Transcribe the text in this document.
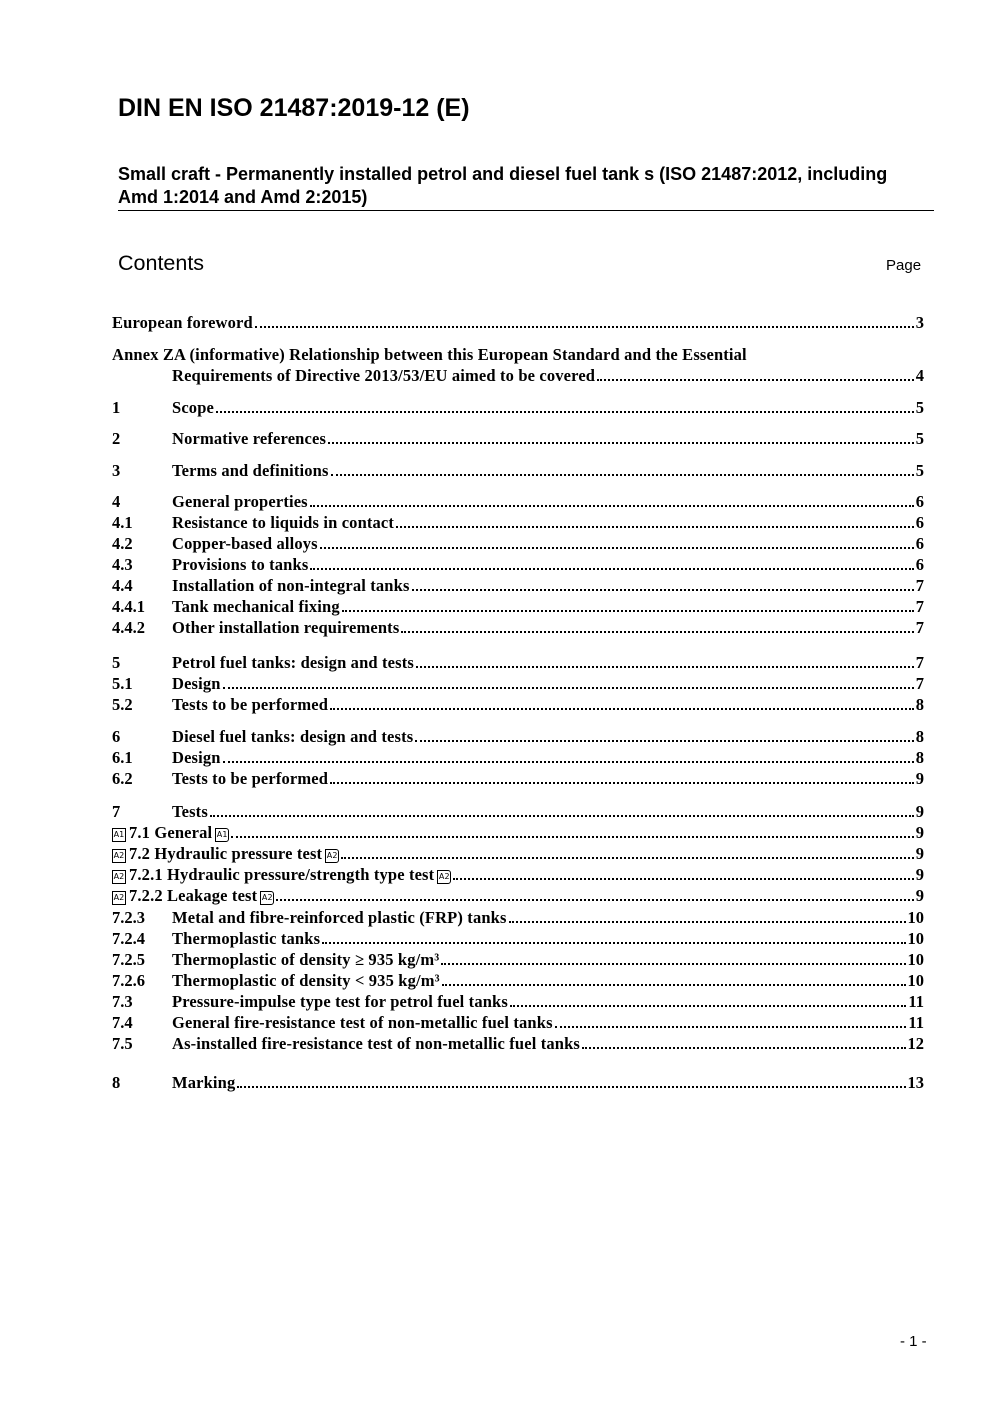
DIN EN ISO 21487:2019-12 (E)
Small craft - Permanently installed petrol and diesel fuel tank s (ISO 21487:2012, including Amd 1:2014 and Amd 2:2015)
Contents	Page
European foreword	3
Annex ZA (informative) Relationship between this European Standard and the Essential
Requirements of Directive 2013/53/EU aimed to be covered	4
1	Scope	5
2	Normative references	5
3	Terms and definitions	5
4	General properties	6
4.1	Resistance to liquids in contact	6
4.2	Copper-based alloys	6
4.3	Provisions to tanks	6
4.4	Installation of non-integral tanks	7
4.4.1	Tank mechanical fixing	7
4.4.2	Other installation requirements	7
5	Petrol fuel tanks: design and tests	7
5.1	Design	7
5.2	Tests to be performed	8
6	Diesel fuel tanks: design and tests	8
6.1	Design	8
6.2	Tests to be performed	9
7	Tests	9
A1 7.1 General A1	9
A2 7.2 Hydraulic pressure test A2	9
A2 7.2.1 Hydraulic pressure/strength type test A2	9
A2 7.2.2 Leakage test A2	9
7.2.3	Metal and fibre-reinforced plastic (FRP) tanks	10
7.2.4	Thermoplastic tanks	10
7.2.5	Thermoplastic of density ≥ 935 kg/m³	10
7.2.6	Thermoplastic of density < 935 kg/m³	10
7.3	Pressure-impulse type test for petrol fuel tanks	11
7.4	General fire-resistance test of non-metallic fuel tanks	11
7.5	As-installed fire-resistance test of non-metallic fuel tanks	12
8	Marking	13
- 1 -
